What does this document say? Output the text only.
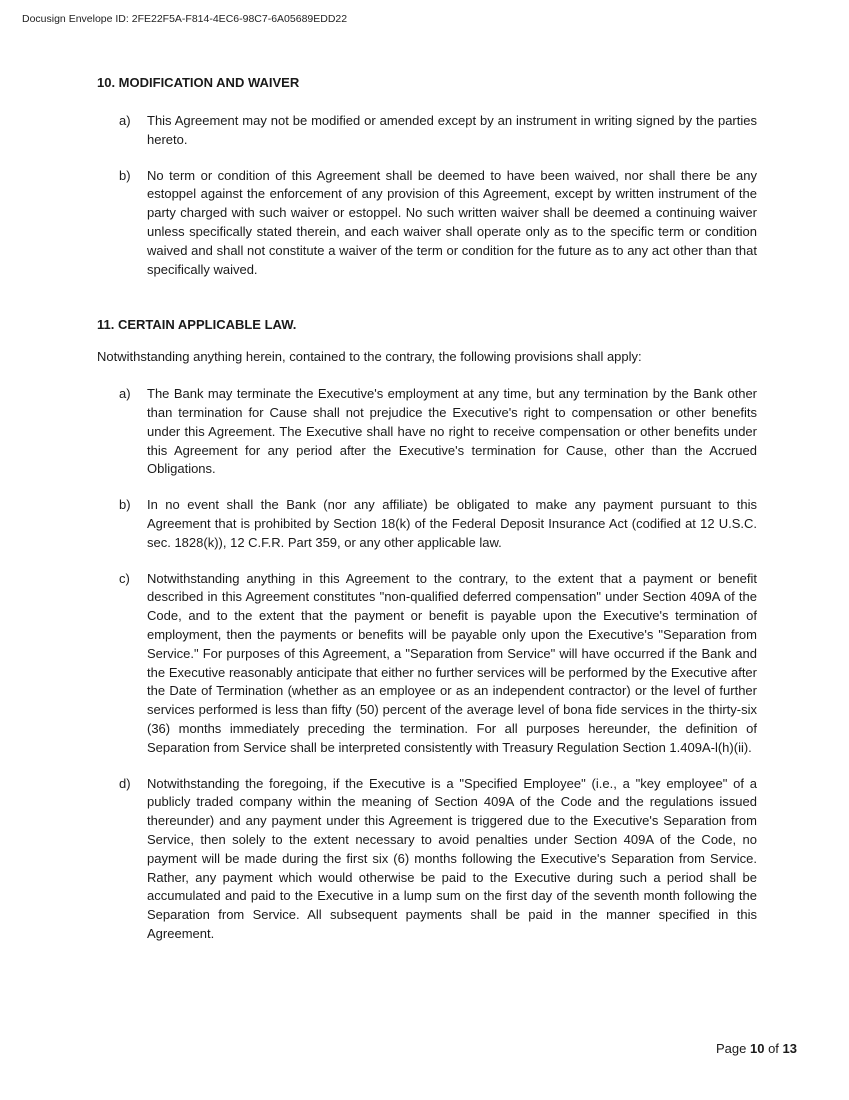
Docusign Envelope ID: 2FE22F5A-F814-4EC6-98C7-6A05689EDD22
10. MODIFICATION AND WAIVER
a)	This Agreement may not be modified or amended except by an instrument in writing signed by the parties hereto.
b)	No term or condition of this Agreement shall be deemed to have been waived, nor shall there be any estoppel against the enforcement of any provision of this Agreement, except by written instrument of the party charged with such waiver or estoppel. No such written waiver shall be deemed a continuing waiver unless specifically stated therein, and each waiver shall operate only as to the specific term or condition waived and shall not constitute a waiver of the term or condition for the future as to any act other than that specifically waived.
11. CERTAIN APPLICABLE LAW.

Notwithstanding anything herein, contained to the contrary, the following provisions shall apply:

a)	The Bank may terminate the Executive's employment at any time, but any termination by the Bank other than termination for Cause shall not prejudice the Executive's right to compensation or other benefits under this Agreement. The Executive shall have no right to receive compensation or other benefits under this Agreement for any period after the Executive's termination for Cause, other than the Accrued Obligations.
b)	In no event shall the Bank (nor any affiliate) be obligated to make any payment pursuant to this Agreement that is prohibited by Section 18(k) of the Federal Deposit Insurance Act (codified at 12 U.S.C. sec. 1828(k)), 12 C.F.R. Part 359, or any other applicable law.
c)	Notwithstanding anything in this Agreement to the contrary, to the extent that a payment or benefit described in this Agreement constitutes "non-qualified deferred compensation" under Section 409A of the Code, and to the extent that the payment or benefit is payable upon the Executive's termination of employment, then the payments or benefits will be payable only upon the Executive's "Separation from Service." For purposes of this Agreement, a "Separation from Service" will have occurred if the Bank and the Executive reasonably anticipate that either no further services will be performed by the Executive after the Date of Termination (whether as an employee or as an independent contractor) or the level of further services performed is less than fifty (50) percent of the average level of bona fide services in the thirty-six (36) months immediately preceding the termination. For all purposes hereunder, the definition of Separation from Service shall be interpreted consistently with Treasury Regulation Section 1.409A-l(h)(ii).
d)	Notwithstanding the foregoing, if the Executive is a "Specified Employee" (i.e., a "key employee" of a publicly traded company within the meaning of Section 409A of the Code and the regulations issued thereunder) and any payment under this Agreement is triggered due to the Executive's Separation from Service, then solely to the extent necessary to avoid penalties under Section 409A of the Code, no payment will be made during the first six (6) months following the Executive's Separation from Service. Rather, any payment which would otherwise be paid to the Executive during such a period shall be accumulated and paid to the Executive in a lump sum on the first day of the seventh month following the Separation from Service. All subsequent payments shall be paid in the manner specified in this Agreement.
Page 10 of 13
